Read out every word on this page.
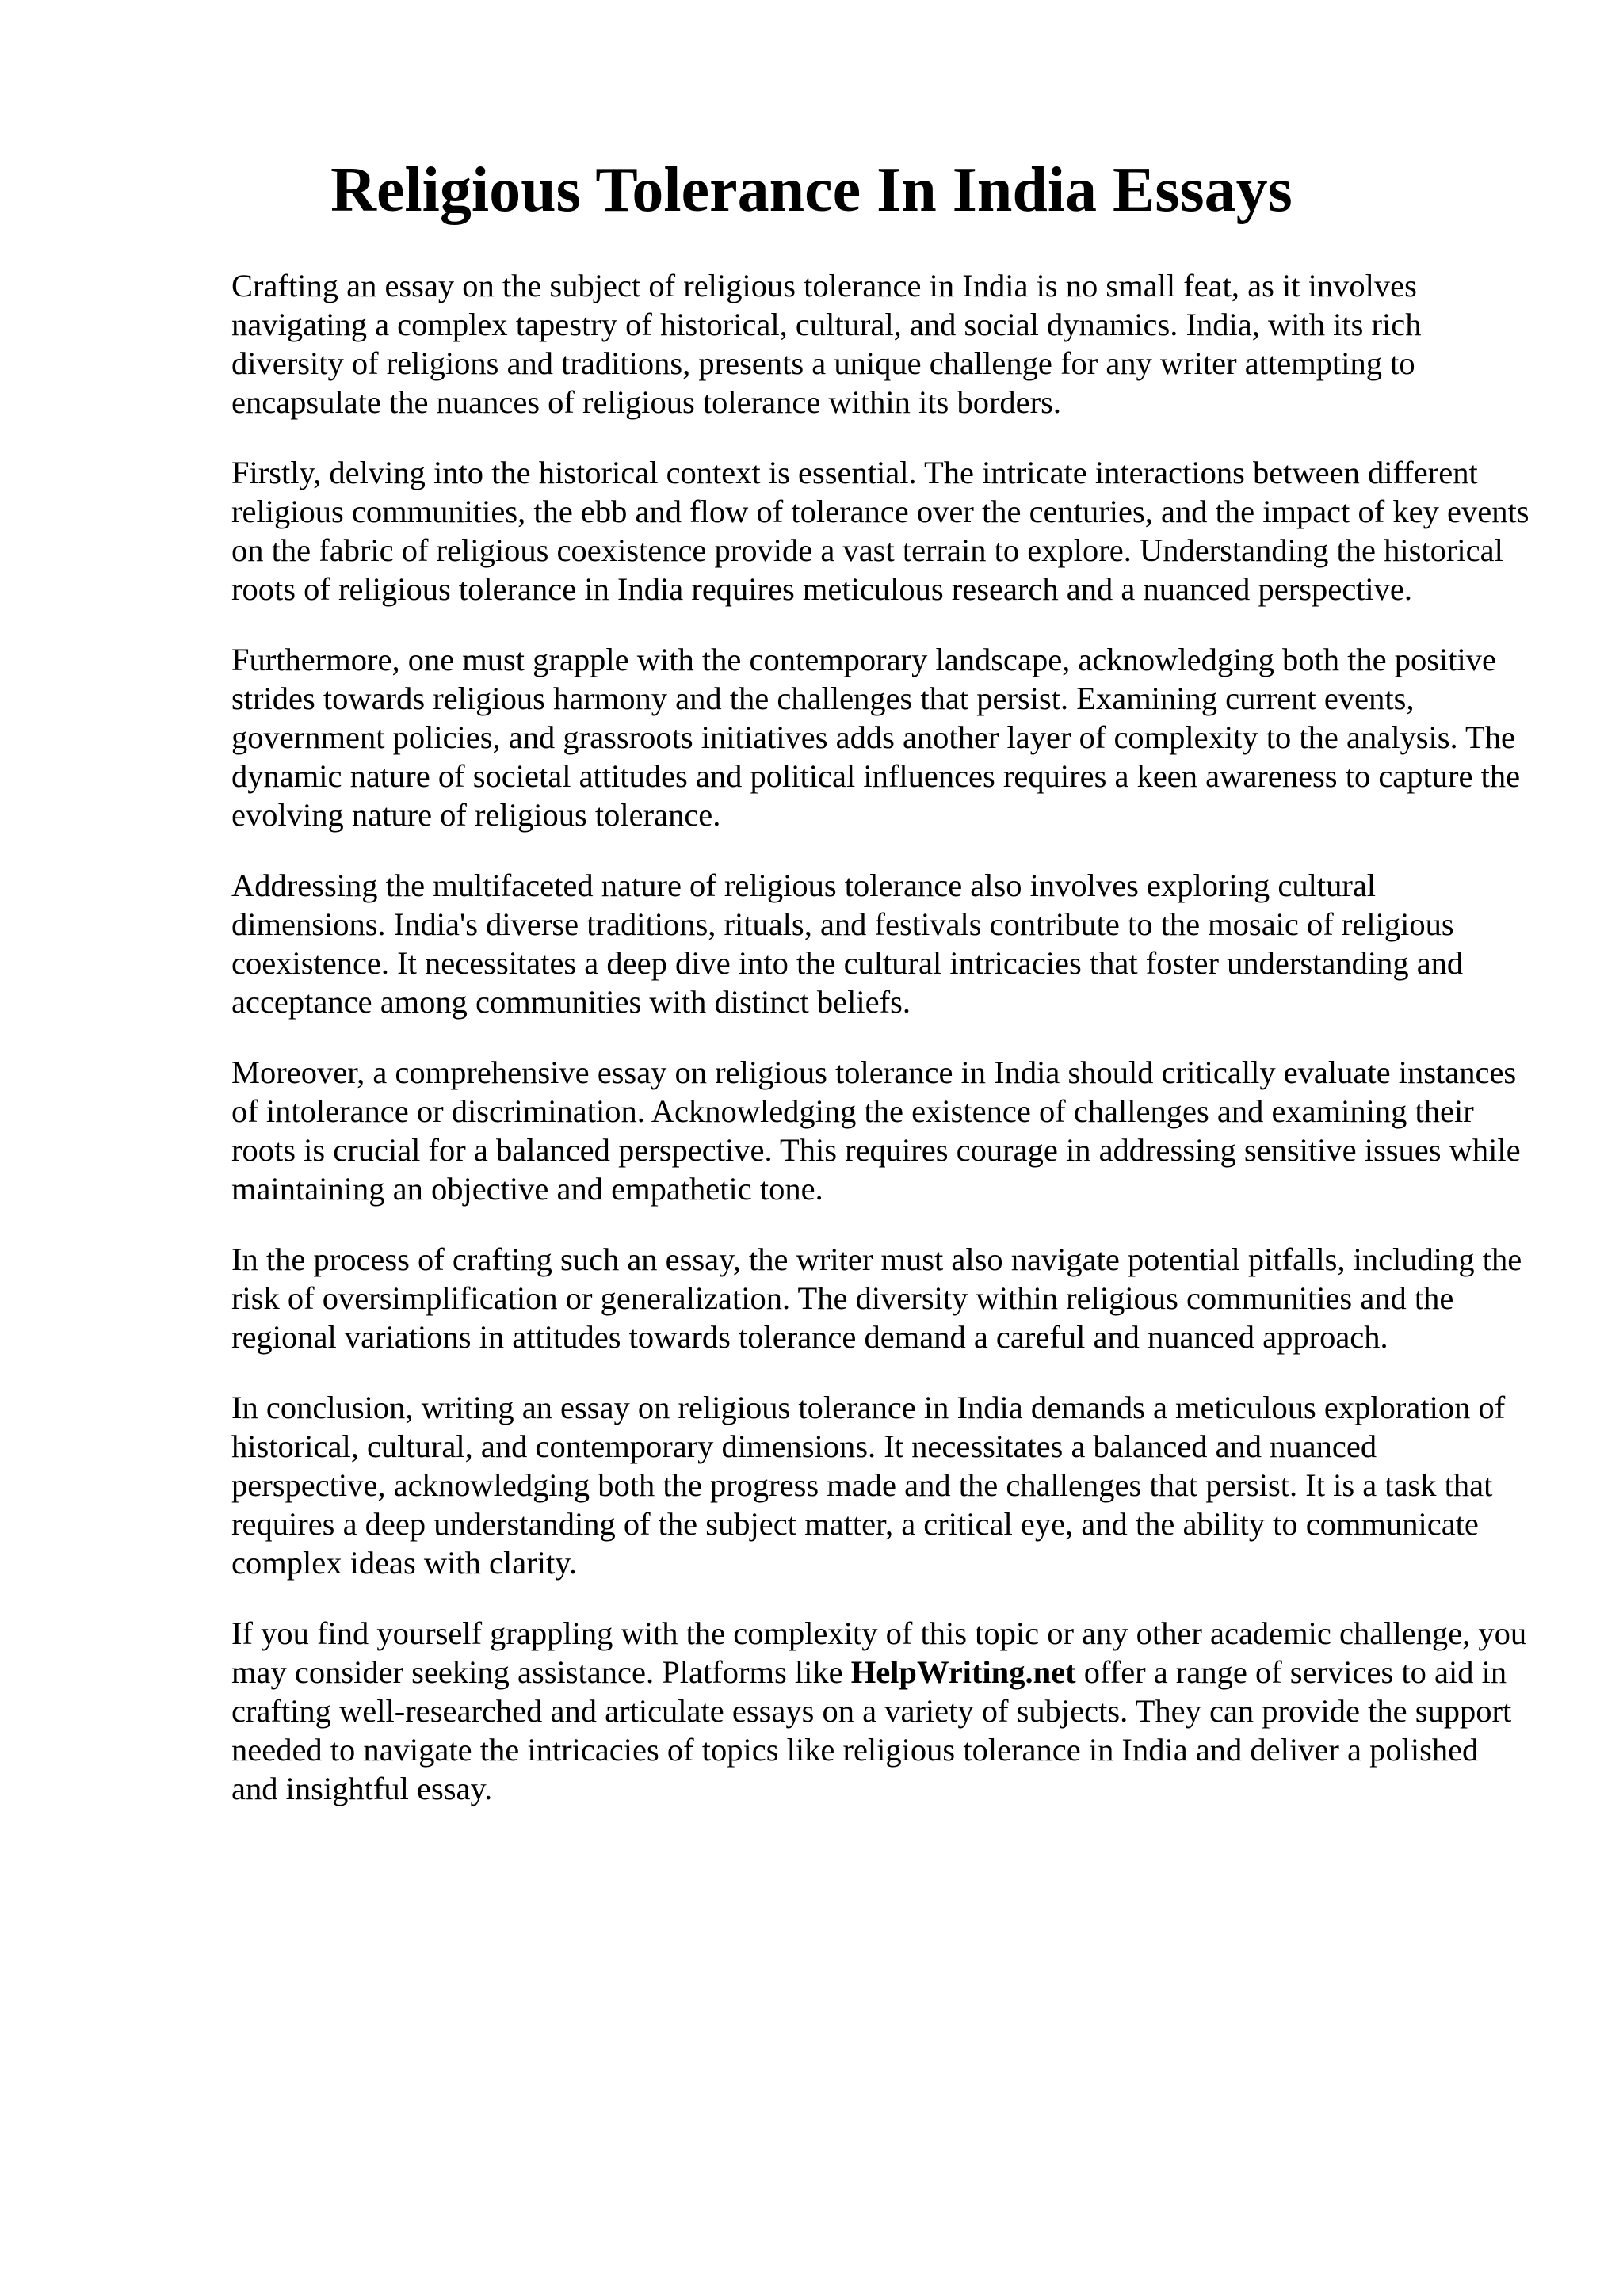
Religious Tolerance In India Essays

Crafting an essay on the subject of religious tolerance in India is no small feat, as it involves navigating a complex tapestry of historical, cultural, and social dynamics. India, with its rich diversity of religions and traditions, presents a unique challenge for any writer attempting to encapsulate the nuances of religious tolerance within its borders.

Firstly, delving into the historical context is essential. The intricate interactions between different religious communities, the ebb and flow of tolerance over the centuries, and the impact of key events on the fabric of religious coexistence provide a vast terrain to explore. Understanding the historical roots of religious tolerance in India requires meticulous research and a nuanced perspective.

Furthermore, one must grapple with the contemporary landscape, acknowledging both the positive strides towards religious harmony and the challenges that persist. Examining current events, government policies, and grassroots initiatives adds another layer of complexity to the analysis. The dynamic nature of societal attitudes and political influences requires a keen awareness to capture the evolving nature of religious tolerance.

Addressing the multifaceted nature of religious tolerance also involves exploring cultural dimensions. India's diverse traditions, rituals, and festivals contribute to the mosaic of religious coexistence. It necessitates a deep dive into the cultural intricacies that foster understanding and acceptance among communities with distinct beliefs.

Moreover, a comprehensive essay on religious tolerance in India should critically evaluate instances of intolerance or discrimination. Acknowledging the existence of challenges and examining their roots is crucial for a balanced perspective. This requires courage in addressing sensitive issues while maintaining an objective and empathetic tone.

In the process of crafting such an essay, the writer must also navigate potential pitfalls, including the risk of oversimplification or generalization. The diversity within religious communities and the regional variations in attitudes towards tolerance demand a careful and nuanced approach.

In conclusion, writing an essay on religious tolerance in India demands a meticulous exploration of historical, cultural, and contemporary dimensions. It necessitates a balanced and nuanced perspective, acknowledging both the progress made and the challenges that persist. It is a task that requires a deep understanding of the subject matter, a critical eye, and the ability to communicate complex ideas with clarity.

If you find yourself grappling with the complexity of this topic or any other academic challenge, you may consider seeking assistance. Platforms like HelpWriting.net offer a range of services to aid in crafting well-researched and articulate essays on a variety of subjects. They can provide the support needed to navigate the intricacies of topics like religious tolerance in India and deliver a polished and insightful essay.
